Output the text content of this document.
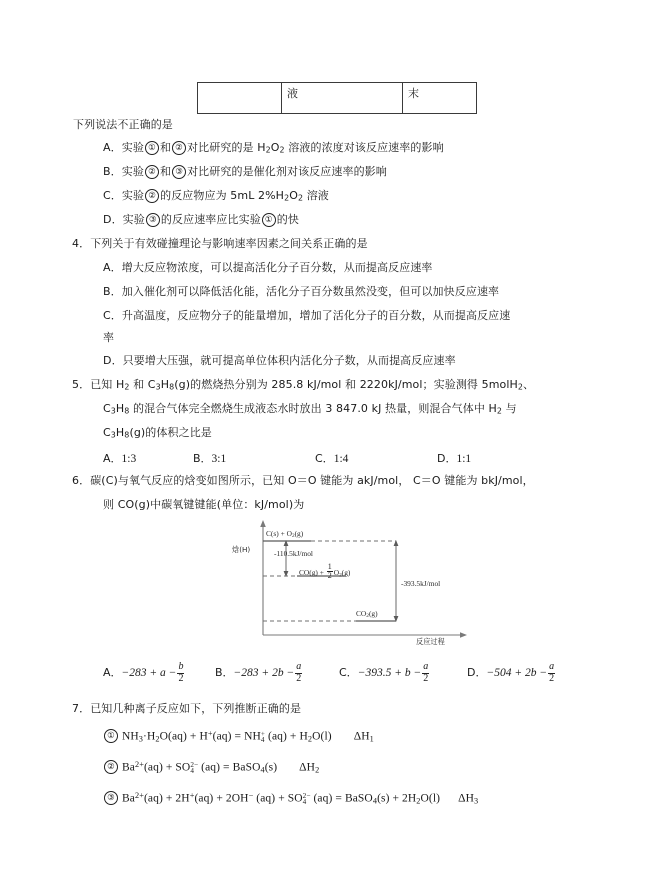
	液	末
下列说法不正确的是
A．实验 ① 和 ② 对比研究的是 $H_2O_2$ 溶液的浓度对该反应速率的影响
B．实验 ② 和 ③ 对比研究的是催化剂对该反应速率的影响
C．实验 ② 的反应物应为 5mL $2\%H_2O_2$ 溶液
D．实验 ③ 的反应速率应比实验 ① 的快
4．下列关于有效碰撞理论与影响速率因素之间关系正确的是
A．增大反应物浓度，可以提高活化分子百分数，从而提高反应速率
B．加入催化剂可以降低活化能，活化分子百分数虽然没变，但可以加快反应速率
C．升高温度，反应物分子的能量增加，增加了活化分子的百分数，从而提高反应速
率
D．只要增大压强，就可提高单位体积内活化分子数，从而提高反应速率
5．已知 $H_2$ 和 $C_3H_8(g)$的燃烧热分别为 285.8 kJ/mol 和 2220kJ/mol；实验测得 5molH$_2$、
$C_3H_8$ 的混合气体完全燃烧生成液态水时放出 3 847.0 kJ 热量，则混合气体中 $H_2$ 与
$C_3H_8(g)$的体积之比是
A．1:3	B．3:1	C．1:4	D．1:1
6．碳(C)与氧气反应的焓变如图所示，已知 O＝O 键能为 akJ/mol， C＝O 键能为 bkJ/mol，
则 CO(g)中碳氧键键能(单位：kJ/mol)为
焓(H)
反应过程
$C(s) + O_2(g)$
$CO(g) + \frac{1}{2} O_2(g)$
$CO_2(g)$
-110.5kJ/mol
-393.5kJ/mol
A．$-283 + a - \frac{b}{2}$	B．$-283 + 2b - \frac{a}{2}$	C．$-393.5 + b - \frac{a}{2}$	D．$-504 + 2b - \frac{a}{2}$
7．已知几种离子反应如下，下列推断正确的是
① $NH_3\cdot H_2O(aq) + H^+(aq)$ = NH +
4 $(aq) + H_2O(l)$ $\Delta H_1$
② $Ba^{2+}(aq)$ + SO 2−
4 (aq) = BaSO$_4$(s) $\Delta H_2$
③ $Ba^{2+}(aq) + 2H^+(aq) + 2OH^-$ (aq) + SO 2−
4 (aq) = BaSO$_4$(s) + $2H_2O(l)$ $\Delta H_3$
